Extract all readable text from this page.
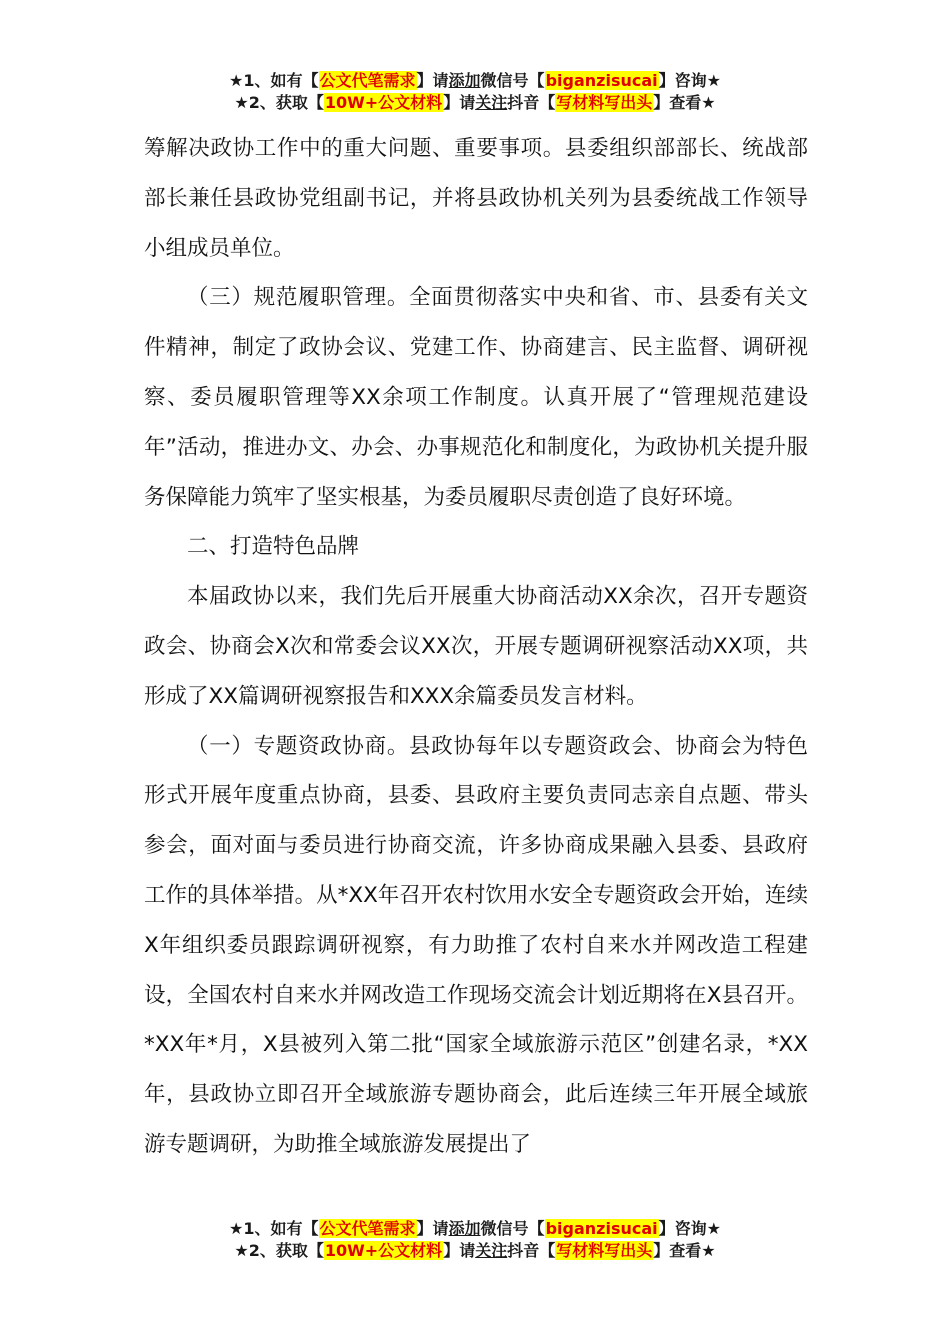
★1、如有【公文代笔需求】请添加微信号【biganzisucai】咨询★
★2、获取【10W+公文材料】请关注抖音【写材料写出头】查看★

筹解决政协工作中的重大问题、重要事项。县委组织部部长、统战部部长兼任县政协党组副书记，并将县政协机关列为县委统战工作领导小组成员单位。

（三）规范履职管理。全面贯彻落实中央和省、市、县委有关文件精神，制定了政协会议、党建工作、协商建言、民主监督、调研视察、委员履职管理等XX余项工作制度。认真开展了“管理规范建设年”活动，推进办文、办会、办事规范化和制度化，为政协机关提升服务保障能力筑牢了坚实根基，为委员履职尽责创造了良好环境。

二、打造特色品牌

本届政协以来，我们先后开展重大协商活动XX余次，召开专题资政会、协商会X次和常委会议XX次，开展专题调研视察活动XX项，共形成了XX篇调研视察报告和XXX余篇委员发言材料。

（一）专题资政协商。县政协每年以专题资政会、协商会为特色形式开展年度重点协商，县委、县政府主要负责同志亲自点题、带头参会，面对面与委员进行协商交流，许多协商成果融入县委、县政府工作的具体举措。从*XX年召开农村饮用水安全专题资政会开始，连续X年组织委员跟踪调研视察，有力助推了农村自来水并网改造工程建设，全国农村自来水并网改造工作现场交流会计划近期将在X县召开。*XX年*月，X县被列入第二批“国家全域旅游示范区”创建名录，*XX年，县政协立即召开全域旅游专题协商会，此后连续三年开展全域旅游专题调研，为助推全域旅游发展提出了

★1、如有【公文代笔需求】请添加微信号【biganzisucai】咨询★
★2、获取【10W+公文材料】请关注抖音【写材料写出头】查看★
